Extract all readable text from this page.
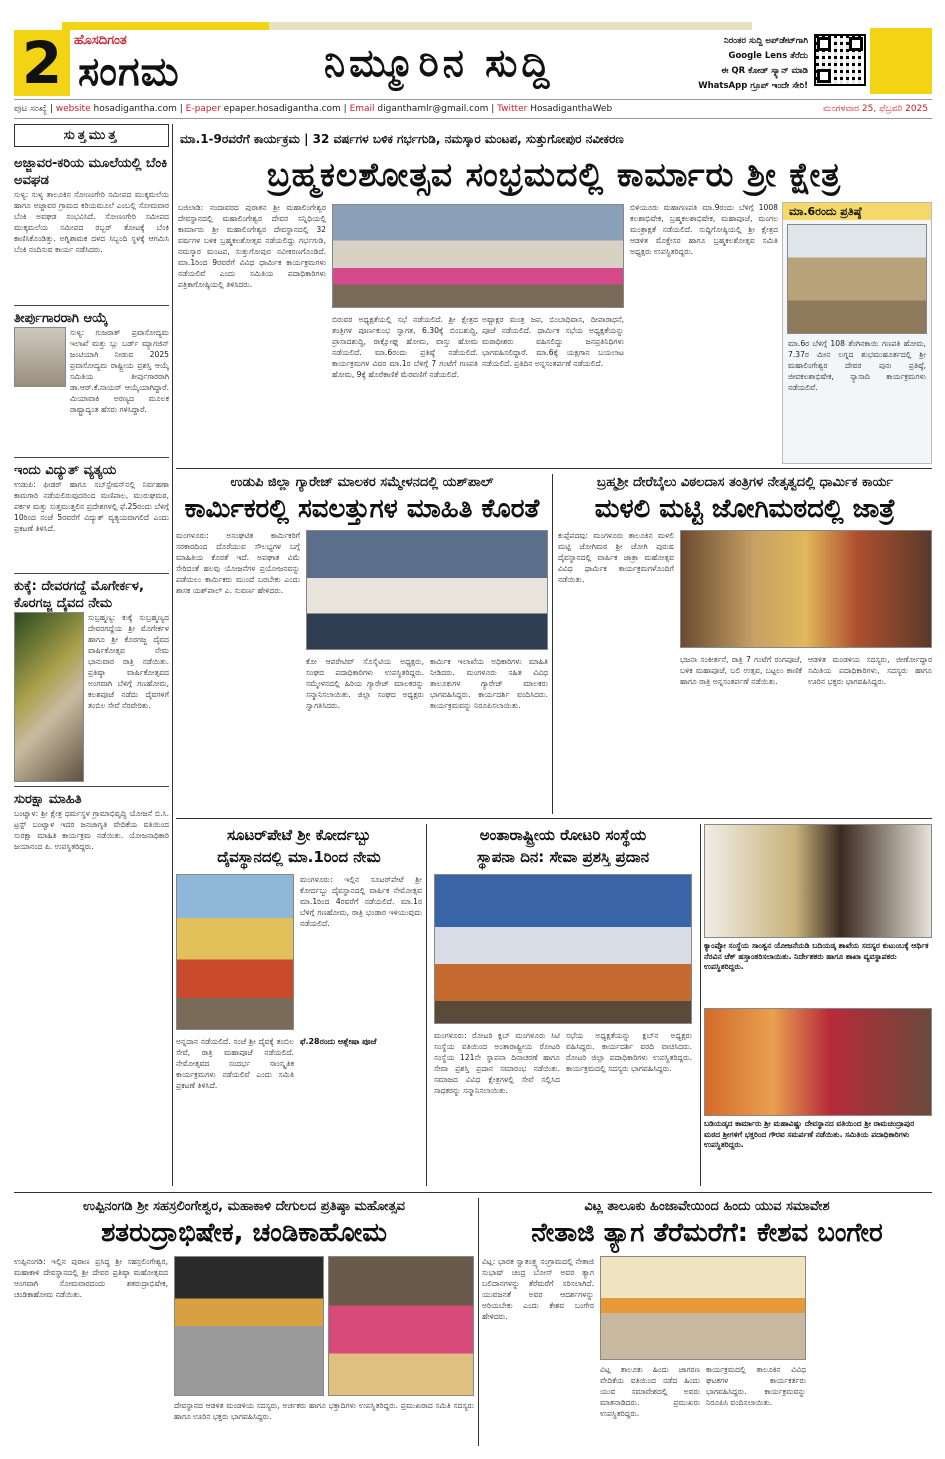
2 ಹೊಸದಿಗಂತ
ಸಂಗಮ	ನಿಮ್ಮೂರಿನ ಸುದ್ದಿ	ನಿರಂತರ ಸುದ್ದಿ ಅಪ್‌ಡೇಟ್‌ಗಾಗಿ
Google Lens ತೆರೆದು
ಈ QR ಕೋಡ್ ಸ್ಕ್ಯಾನ್ ಮಾಡಿ
WhatsApp ಗ್ರೂಪ್ ಇಂದೇ ಸೇರಿ!
ಪುಟ ಸಂಖ್ಯೆ | website hosadigantha.com | E-paper epaper.hosadigantha.com | Email diganthamlr@gmail.com | Twitter HosadiganthaWeb	ಮಂಗಳವಾರ 25, ಫೆಬ್ರವರಿ 2025
ಸುತ್ತಮುತ್ತ
ಅಜ್ಜಾವರ-ಕರಿಯ ಮೂಲೆಯಲ್ಲಿ ಬೆಂಕಿ ಅವಘಡ
ಸುಳ್ಯ: ಸುಳ್ಯ ತಾಲೂಕಿನ ಸೋಣಂಗೇರಿ ಸಮೀಪದ ಮುಕ್ಕಮಲೆಯ ಹಾಗೂ ಅಜ್ಜಾವರ ಗ್ರಾಮದ ಕರಿಯಮೂಲೆ ಎಂಬಲ್ಲಿ ಸೋಮವಾರ ಬೆಂಕಿ ಅವಘಡ ಸಂಭವಿಸಿದೆ. ಸೋಣಂಗೇರಿ ಸಮೀಪದ ಮುಕ್ಕಮಲೆಯ ಸಮೀಪದ ರಬ್ಬರ್ ತೋಟಕ್ಕೆ ಬೆಂಕಿ ಕಾಣಿಸಿಕೊಂಡಿತ್ತು. ಅಗ್ನಿಶಾಮಕ ದಳದ ಸಿಬ್ಬಂದಿ ಸ್ಥಳಕ್ಕೆ ಆಗಮಿಸಿ ಬೆಂಕಿ ನಂದಿಸುವ ಕಾರ್ಯ ನಡೆಸಿದರು.
ತೀರ್ಪುಗಾರರಾಗಿ ಆಯ್ಕೆ
ಸುಳ್ಯ: ಗುಜರಾತ್ ಪ್ರವಾಸೋದ್ಯಮ ಇಲಾಖೆ ಮತ್ತು ಬ್ಲು ಬರ್ಡ್ ಮ್ಯಾಗಜಿನ್ ಜಂಟಿಯಾಗಿ ನೀಡುವ 2025 ಪ್ರವಾಸೋದ್ಯಮ ರಾಷ್ಟ್ರೀಯ ಪ್ರಶಸ್ತಿ ಆಯ್ಕೆ ಸಮಿತಿಯ ತೀರ್ಪುಗಾರರಾಗಿ ಡಾ.ಆರ್.ಕೆ.ನಾಯರ್ ಆಯ್ಕೆಯಾಗಿದ್ದಾರೆ. ಮಿಯಾವಾಕಿ ಅರಣ್ಯದ ಮೂಲಕ ರಾಷ್ಟ್ರಾದ್ಯಂತ ಹೆಸರು ಗಳಿಸಿದ್ದಾರೆ.
ಇಂದು ವಿದ್ಯುತ್ ವ್ಯತ್ಯಯ
ಉಡುಪಿ: ಫೀಡರ್ ಹಾಗೂ ಸಬ್‌ಸ್ಟೇಷನ್‌ನಲ್ಲಿ ನಿರ್ವಹಣಾ ಕಾಮಗಾರಿ ನಡೆಯಲಿರುವುದರಿಂದ ಮಣಿಪಾಲ, ಮುರುಘಮಠ, ಪರ್ಕಳ ಮತ್ತು ಸುತ್ತಮುತ್ತಲಿನ ಪ್ರದೇಶಗಳಲ್ಲಿ ಫೆ.25ರಂದು ಬೆಳಿಗ್ಗೆ 10ರಿಂದ ಸಂಜೆ 5ರವರೆಗೆ ವಿದ್ಯುತ್ ವ್ಯತ್ಯಯವಾಗಲಿದೆ ಎಂದು ಪ್ರಕಟಣೆ ತಿಳಿಸಿದೆ.
ಕುಕ್ಕೆ: ದೇವರಗದ್ದೆ ಮೊಗೇರ್ಕಳ, ಕೊರಗಜ್ಜ ದೈವದ ನೇಮ
ಸುಬ್ರಹ್ಮಣ್ಯ: ಕುಕ್ಕೆ ಸುಬ್ರಹ್ಮಣ್ಯದ ದೇವರಗದ್ದೆಯ ಶ್ರೀ ಮೊಗೇರ್ಕಳ ಹಾಗೂ ಶ್ರೀ ಕೊರಗಜ್ಜ ದೈವದ ವಾರ್ಷಿಕೋತ್ಸವ ನೇಮ ಭಾನುವಾರ ರಾತ್ರಿ ನಡೆಯಿತು. ಪ್ರತಿಷ್ಠಾ ವಾರ್ಷಿಕೋತ್ಸವದ ಅಂಗವಾಗಿ ಬೆಳಿಗ್ಗೆ ಗಣಹೋಮ, ಕಲಶಪೂಜೆ ನಡೆದು ದೈವಗಳಿಗೆ ತಂಬಿಲ ಸೇವೆ ನೆರವೇರಿತು.
ಸುರಕ್ಷಾ ಮಾಹಿತಿ
ಬಂಟ್ವಾಳ: ಶ್ರೀ ಕ್ಷೇತ್ರ ಧರ್ಮಸ್ಥಳ ಗ್ರಾಮಾಭಿವೃದ್ಧಿ ಯೋಜನೆ ಬಿ.ಸಿ. ಟ್ರಸ್ಟ್ ಬಂಟ್ವಾಳ ಇದರ ಜನಜಾಗೃತಿ ವೇದಿಕೆಯ ವತಿಯಿಂದ ಸುರಕ್ಷಾ ಮಾಹಿತಿ ಕಾರ್ಯಕ್ರಮ ನಡೆಯಿತು. ಯೋಜನಾಧಿಕಾರಿ ಜಯಾನಂದ ಪಿ. ಉಪಸ್ಥಿತರಿದ್ದರು.
ಮಾ.1-9ರವರೆಗೆ ಕಾರ್ಯಕ್ರಮ | 32 ವರ್ಷಗಳ ಬಳಿಕ ಗರ್ಭಗುಡಿ, ನಮಸ್ಕಾರ ಮಂಟಪ, ಸುತ್ತುಗೋಪುರ ನವೀಕರಣ
ಬ್ರಹ್ಮಕಲಶೋತ್ಸವ ಸಂಭ್ರಮದಲ್ಲಿ ಕಾರ್ಮಾರು ಶ್ರೀ ಕ್ಷೇತ್ರ
ಬಜಿಲಾಡಿ: ನಂದಾವರದ ಪುರಾತನ ಶ್ರೀ ಮಹಾಲಿಂಗೇಶ್ವರ ದೇವಸ್ಥಾನದಲ್ಲಿ ಮಹಾಲಿಂಗೇಶ್ವರ ದೇವರ ಸನ್ನಿಧಿಯಲ್ಲಿ ಕಾರ್ಮಾರು ಶ್ರೀ ಮಹಾಲಿಂಗೇಶ್ವರ ದೇವಸ್ಥಾನದಲ್ಲಿ 32 ವರ್ಷಗಳ ಬಳಿಕ ಬ್ರಹ್ಮಕಲಶೋತ್ಸವ ನಡೆಯಲಿದ್ದು ಗರ್ಭಗುಡಿ, ನಮಸ್ಕಾರ ಮಂಟಪ, ಸುತ್ತುಗೋಪುರ ನವೀಕರಣಗೊಂಡಿದೆ. ಮಾ.1ರಿಂದ 9ರವರೆಗೆ ವಿವಿಧ ಧಾರ್ಮಿಕ ಕಾರ್ಯಕ್ರಮಗಳು ನಡೆಯಲಿವೆ ಎಂದು ಸಮಿತಿಯ ಪದಾಧಿಕಾರಿಗಳು ಪತ್ರಿಕಾಗೋಷ್ಠಿಯಲ್ಲಿ ತಿಳಿಸಿದರು.
ಬಿರುವರ ಅಧ್ಯಕ್ಷತೆಯಲ್ಲಿ ಸಭೆ ನಡೆಯಲಿದೆ. ಶ್ರೀ ಕ್ಷೇತ್ರದ ತಂತ್ರಿಗಳ ಪೂರ್ಣಕುಂಭ ಸ್ವಾಗತ, 6.30ಕ್ಕೆ ಬಿಂಬಶುದ್ಧಿ, ಪ್ರಾಸಾದಶುದ್ಧಿ, ರಾಕ್ಷೋಘ್ನ ಹೋಮ, ವಾಸ್ತು ಹೋಮ ನಡೆಯಲಿದೆ. ಮಾ.6ರಂದು ಪ್ರತಿಷ್ಠೆ ನಡೆಯಲಿದೆ. ಕಾರ್ಯಕ್ರಮಗಳ ವಿವರ ಮಾ.1ರ ಬೆಳಿಗ್ಗೆ 7 ಗಂಟೆಗೆ ಗಣಪತಿ ಹೋಮ, 9ಕ್ಕೆ ಹೊರೆಕಾಣಿಕೆ ಮೆರವಣಿಗೆ ನಡೆಯಲಿದೆ.
ಅಷ್ಟಾಕ್ಷರ ಮಂತ್ರ ಜಪ, ಬಿಂಬಾಧಿವಾಸ, ದೀಪಾರಾಧನೆ, ಪೂಜೆ ನಡೆಯಲಿದೆ. ಧಾರ್ಮಿಕ ಸಭೆಯ ಅಧ್ಯಕ್ಷತೆಯನ್ನು ಮಠಾಧೀಶರು ವಹಿಸಲಿದ್ದು ಜನಪ್ರತಿನಿಧಿಗಳು ಭಾಗವಹಿಸಲಿದ್ದಾರೆ. ಮಾ.6ಕ್ಕೆ ಯಕ್ಷಗಾನ ಬಯಲಾಟ ನಡೆಯಲಿದೆ. ಪ್ರತಿದಿನ ಅನ್ನಸಂತರ್ಪಣೆ ನಡೆಯಲಿದೆ.
ಬಿಳಿಯೂರು ಮಹಾಗಣಪತಿ ಮಾ.9ರಂದು ಬೆಳಿಗ್ಗೆ 1008 ಕಲಶಾಭಿಷೇಕ, ಬ್ರಹ್ಮಕಲಶಾಭಿಷೇಕ, ಮಹಾಪೂಜೆ, ಮಂಗಲ ಮಂತ್ರಾಕ್ಷತೆ ನಡೆಯಲಿದೆ. ಸುದ್ದಿಗೋಷ್ಠಿಯಲ್ಲಿ ಶ್ರೀ ಕ್ಷೇತ್ರದ ಆಡಳಿತ ಮೊಕ್ತೇಸರ ಹಾಗೂ ಬ್ರಹ್ಮಕಲಶೋತ್ಸವ ಸಮಿತಿ ಅಧ್ಯಕ್ಷರು ಉಪಸ್ಥಿತರಿದ್ದರು.
ಮಾ.6ರಂದು ಪ್ರತಿಷ್ಠೆ
ಮಾ.6ರ ಬೆಳಿಗ್ಗೆ 108 ತೆಂಗಿನಕಾಯಿ ಗಣಪತಿ ಹೋಮ, 7.37ರ ಮೀನ ಲಗ್ನದ ಶುಭಮುಹೂರ್ತದಲ್ಲಿ ಶ್ರೀ ಮಹಾಲಿಂಗೇಶ್ವರ ದೇವರ ಪುನಃ ಪ್ರತಿಷ್ಠೆ, ಜೀವಕಲಶಾಭಿಷೇಕ, ನ್ಯಾಸಾದಿ ಕಾರ್ಯಕ್ರಮಗಳು ನಡೆಯಲಿವೆ.
ಉಡುಪಿ ಜಿಲ್ಲಾ ಗ್ಯಾರೇಜ್ ಮಾಲಕರ ಸಮ್ಮೇಳನದಲ್ಲಿ ಯಶ್‌ಪಾಲ್
ಕಾರ್ಮಿಕರಲ್ಲಿ ಸವಲತ್ತುಗಳ ಮಾಹಿತಿ ಕೊರತೆ
ಮಂಗಳೂರು: ಅಸಂಘಟಿತ ಕಾರ್ಮಿಕರಿಗೆ ಸರಕಾರದಿಂದ ದೊರೆಯುವ ಸೌಲಭ್ಯಗಳ ಬಗ್ಗೆ ಮಾಹಿತಿಯ ಕೊರತೆ ಇದೆ. ಅಪಘಾತ ವಿಮೆ ಸೇರಿದಂತೆ ಹಲವು ಯೋಜನೆಗಳ ಪ್ರಯೋಜನವನ್ನು ಪಡೆಯಲು ಕಾರ್ಮಿಕರು ಮುಂದೆ ಬರಬೇಕು ಎಂದು ಶಾಸಕ ಯಶ್‌ಪಾಲ್ ಎ. ಸುವರ್ಣ ಹೇಳಿದರು.
ಕೋ ಆಪರೇಟಿವ್ ಸೊಸೈಟಿಯ ಅಧ್ಯಕ್ಷರು, ಸಂಘದ ಪದಾಧಿಕಾರಿಗಳು ಉಪಸ್ಥಿತರಿದ್ದರು. ಸಮ್ಮೇಳನದಲ್ಲಿ ಹಿರಿಯ ಗ್ಯಾರೇಜ್ ಮಾಲಕರನ್ನು ಸನ್ಮಾನಿಸಲಾಯಿತು. ಜಿಲ್ಲಾ ಸಂಘದ ಅಧ್ಯಕ್ಷರು ಸ್ವಾಗತಿಸಿದರು.
ಕಾರ್ಮಿಕ ಇಲಾಖೆಯ ಅಧಿಕಾರಿಗಳು ಮಾಹಿತಿ ನೀಡಿದರು. ಮಂಗಳೂರು ಸಹಿತ ವಿವಿಧ ತಾಲೂಕುಗಳ ಗ್ಯಾರೇಜ್ ಮಾಲಕರು ಭಾಗವಹಿಸಿದ್ದರು. ಕಾರ್ಯದರ್ಶಿ ವಂದಿಸಿದರು. ಕಾರ್ಯಕ್ರಮವನ್ನು ನಿರೂಪಿಸಲಾಯಿತು.
ಬ್ರಹ್ಮಶ್ರೀ ದೇರೆಬೈಲು ವಿಠಲದಾಸ ತಂತ್ರಿಗಳ ನೇತೃತ್ವದಲ್ಲಿ ಧಾರ್ಮಿಕ ಕಾರ್ಯ
ಮಳಲಿ ಮಟ್ಟಿ ಜೋಗಿಮಠದಲ್ಲಿ ಜಾತ್ರೆ
ಕುಪ್ಪೆಪದವು: ಮಂಗಳೂರು ತಾಲೂಕಿನ ಮಳಲಿ ಮಟ್ಟಿ ಜೋಗಿಮಠ ಶ್ರೀ ಜೋಗಿ ಪುರುಷ ದೈವಸ್ಥಾನದಲ್ಲಿ ವಾರ್ಷಿಕ ಜಾತ್ರಾ ಮಹೋತ್ಸವ ವಿವಿಧ ಧಾರ್ಮಿಕ ಕಾರ್ಯಕ್ರಮಗಳೊಂದಿಗೆ ನಡೆಯಿತು.
ಭಜನಾ ಸಂಕೀರ್ತನೆ, ರಾತ್ರಿ 7 ಗಂಟೆಗೆ ರಂಗಪೂಜೆ, ಬಳಿಕ ಮಹಾಪೂಜೆ, ಬಲಿ ಉತ್ಸವ, ಬಟ್ಟಲು ಕಾಣಿಕೆ ಹಾಗೂ ರಾತ್ರಿ ಅನ್ನಸಂತರ್ಪಣೆ ನಡೆಯಿತು.
ಆಡಳಿತ ಮಂಡಳಿಯ ಸದಸ್ಯರು, ಜೀರ್ಣೋದ್ಧಾರ ಸಮಿತಿಯ ಪದಾಧಿಕಾರಿಗಳು, ಸದಸ್ಯರು ಹಾಗೂ ಊರಿನ ಭಕ್ತರು ಭಾಗವಹಿಸಿದ್ದರು.
ಸೂಟರ್‌ಪೇಟೆ ಶ್ರೀ ಕೋರ್ದಬ್ಬು
ದೈವಸ್ಥಾನದಲ್ಲಿ ಮಾ.1ರಿಂದ ನೇಮ
ಮಂಗಳೂರು: ಇಲ್ಲಿನ ಸೂಟರ್‌ಪೇಟೆ ಶ್ರೀ ಕೋರ್ದಬ್ಬು ದೈವಸ್ಥಾನದಲ್ಲಿ ವಾರ್ಷಿಕ ನೇಮೋತ್ಸವ ಮಾ.1ರಿಂದ 4ರವರೆಗೆ ನಡೆಯಲಿದೆ. ಮಾ.1ರ ಬೆಳಿಗ್ಗೆ ಗಣಹೋಮ, ರಾತ್ರಿ ಭಂಡಾರ ಇಳಿಯುವುದು ನಡೆಯಲಿದೆ.
ಅನ್ನದಾನ ನಡೆಯಲಿದೆ. ಸಂಜೆ ಶ್ರೀ ದೈವಕ್ಕೆ ತಂಬಿಲ ಸೇವೆ, ರಾತ್ರಿ ಮಹಾಪೂಜೆ ನಡೆಯಲಿದೆ. ನೇಮೋತ್ಸವದ ಸಂದರ್ಭ ಸಾಂಸ್ಕೃತಿಕ ಕಾರ್ಯಕ್ರಮಗಳು ನಡೆಯಲಿವೆ ಎಂದು ಸಮಿತಿ ಪ್ರಕಟಣೆ ತಿಳಿಸಿದೆ.
ಫೆ.28ರಂದು ಆಶ್ಲೇಷಾ ಪೂಜೆ
ಅಂತಾರಾಷ್ಟ್ರೀಯ ರೋಟರಿ ಸಂಸ್ಥೆಯ
ಸ್ಥಾಪನಾ ದಿನ: ಸೇವಾ ಪ್ರಶಸ್ತಿ ಪ್ರದಾನ
ಮಂಗಳೂರು: ರೋಟರಿ ಕ್ಲಬ್ ಮಂಗಳೂರು ಸಿಟಿ ಸಂಸ್ಥೆಯ ವತಿಯಿಂದ ಅಂತಾರಾಷ್ಟ್ರೀಯ ರೋಟರಿ ಸಂಸ್ಥೆಯ 121ನೇ ಸ್ಥಾಪನಾ ದಿನಾಚರಣೆ ಹಾಗೂ ಸೇವಾ ಪ್ರಶಸ್ತಿ ಪ್ರದಾನ ಸಮಾರಂಭ ನಡೆಯಿತು. ಸಮಾಜದ ವಿವಿಧ ಕ್ಷೇತ್ರಗಳಲ್ಲಿ ಸೇವೆ ಸಲ್ಲಿಸಿದ ಸಾಧಕರನ್ನು ಸನ್ಮಾನಿಸಲಾಯಿತು.
ಸಭೆಯ ಅಧ್ಯಕ್ಷತೆಯನ್ನು ಕ್ಲಬ್‌ನ ಅಧ್ಯಕ್ಷರು ವಹಿಸಿದ್ದರು. ಕಾರ್ಯದರ್ಶಿ ವರದಿ ವಾಚಿಸಿದರು. ರೋಟರಿ ಜಿಲ್ಲಾ ಪದಾಧಿಕಾರಿಗಳು ಉಪಸ್ಥಿತರಿದ್ದರು. ಕಾರ್ಯಕ್ರಮದಲ್ಲಿ ಸದಸ್ಯರು ಭಾಗವಹಿಸಿದ್ದರು.
ಕ್ಯಾಂಪ್ಕೋ ಸಂಸ್ಥೆಯ ಸಾಂತ್ವನ ಯೋಜನೆಯಡಿ ಬದಿಯಡ್ಕ ಶಾಖೆಯ ಸದಸ್ಯರ ಕುಟುಂಬಕ್ಕೆ ಆರ್ಥಿಕ ನೆರವಿನ ಚೆಕ್ ಹಸ್ತಾಂತರಿಸಲಾಯಿತು. ನಿರ್ದೇಶಕರು ಹಾಗೂ ಶಾಖಾ ವ್ಯವಸ್ಥಾಪಕರು ಉಪಸ್ಥಿತರಿದ್ದರು.
ಬಡಿಯಡ್ಕದ ಕಾರ್ಮಾರು ಶ್ರೀ ಮಹಾವಿಷ್ಣು ದೇವಸ್ಥಾನದ ವತಿಯಿಂದ ಶ್ರೀ ರಾಮಚಂದ್ರಾಪುರ ಮಠದ ಶ್ರೀಗಳಿಗೆ ಭಕ್ತರಿಂದ ಗೌರವ ಸಮರ್ಪಣೆ ನಡೆಯಿತು. ಸಮಿತಿಯ ಪದಾಧಿಕಾರಿಗಳು ಉಪಸ್ಥಿತರಿದ್ದರು.
ಉಪ್ಪಿನಂಗಡಿ ಶ್ರೀ ಸಹಸ್ರಲಿಂಗೇಶ್ವರ, ಮಹಾಕಾಳಿ ದೇಗುಲದ ಪ್ರತಿಷ್ಠಾ ಮಹೋತ್ಸವ
ಶತರುದ್ರಾಭಿಷೇಕ, ಚಂಡಿಕಾಹೋಮ
ಉಪ್ಪಿನಂಗಡಿ: ಇಲ್ಲಿನ ಪುರಾಣ ಪ್ರಸಿದ್ಧ ಶ್ರೀ ಸಹಸ್ರಲಿಂಗೇಶ್ವರ, ಮಹಾಕಾಳಿ ದೇವಸ್ಥಾನದಲ್ಲಿ ಶ್ರೀ ದೇವರ ಪ್ರತಿಷ್ಠಾ ಮಹೋತ್ಸವದ ಅಂಗವಾಗಿ ಸೋಮವಾರದಂದು ಶತರುದ್ರಾಭಿಷೇಕ, ಚಂಡಿಕಾಹೋಮ ನಡೆಯಿತು.
ದೇವಸ್ಥಾನದ ಆಡಳಿತ ಮಂಡಳಿಯ ಸದಸ್ಯರು, ಅರ್ಚಕರು ಹಾಗೂ ಭಕ್ತಾದಿಗಳು ಉಪಸ್ಥಿತರಿದ್ದರು. ಪ್ರಮುಖರಾದ ಸಮಿತಿ ಸದಸ್ಯರು ಹಾಗೂ ಊರಿನ ಭಕ್ತರು ಭಾಗವಹಿಸಿದ್ದರು.
ವಿಟ್ಲ ತಾಲೂಕು ಹಿಂಜಾವೇಯಿಂದ ಹಿಂದು ಯುವ ಸಮಾವೇಶ
ನೇತಾಜಿ ತ್ಯಾಗ ತೆರೆಮರೆಗೆ: ಕೇಶವ ಬಂಗೇರ
ವಿಟ್ಲ: ಭಾರತ ಸ್ವಾತಂತ್ರ್ಯ ಸಂಗ್ರಾಮದಲ್ಲಿ ನೇತಾಜಿ ಸುಭಾಷ್ ಚಂದ್ರ ಬೋಸ್ ಅವರ ತ್ಯಾಗ ಬಲಿದಾನಗಳನ್ನು ತೆರೆಮರೆಗೆ ಸರಿಸಲಾಗಿದೆ. ಯುವಜನತೆ ಅವರ ಆದರ್ಶಗಳನ್ನು ಅರಿಯಬೇಕು ಎಂದು ಕೇಶವ ಬಂಗೇರ ಹೇಳಿದರು.
ವಿಟ್ಲ ತಾಲೂಕು ಹಿಂದು ಜಾಗರಣ ವೇದಿಕೆಯ ವತಿಯಿಂದ ನಡೆದ ಹಿಂದು ಯುವ ಸಮಾವೇಶದಲ್ಲಿ ಅವರು ಮಾತನಾಡಿದರು. ಪ್ರಮುಖರು ಉಪಸ್ಥಿತರಿದ್ದರು.
ಕಾರ್ಯಕ್ರಮದಲ್ಲಿ ತಾಲೂಕಿನ ವಿವಿಧ ಘಟಕಗಳ ಕಾರ್ಯಕರ್ತರು ಭಾಗವಹಿಸಿದ್ದರು. ಕಾರ್ಯಕ್ರಮವನ್ನು ನಿರೂಪಿಸಿ ವಂದಿಸಲಾಯಿತು.
